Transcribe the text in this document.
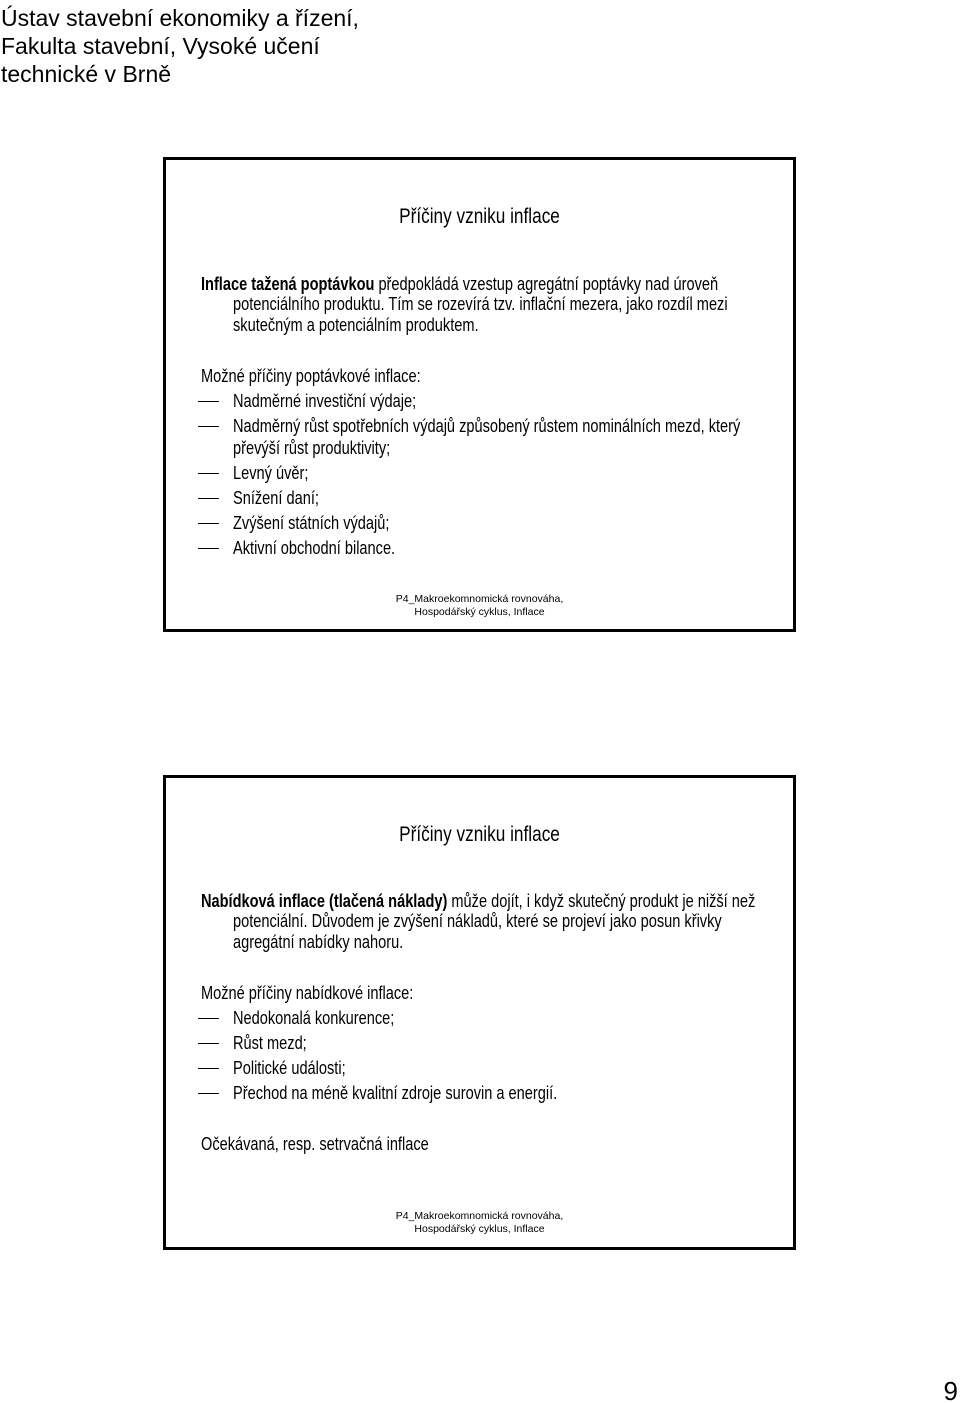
Ústav stavební ekonomiky a řízení,
Fakulta stavební, Vysoké učení
technické v Brně
Příčiny vzniku inflace
Inflace tažená poptávkou předpokládá vzestup agregátní poptávky nad úroveň
potenciálního produktu. Tím se rozevírá tzv. inflační mezera, jako rozdíl mezi
skutečným a potenciálním produktem.
Možné příčiny poptávkové inflace:
Nadměrné investiční výdaje;
Nadměrný růst spotřebních výdajů způsobený růstem nominálních mezd, který
převýší růst produktivity;
Levný úvěr;
Snížení daní;
Zvýšení státních výdajů;
Aktivní obchodní bilance.
P4_Makroekomnomická rovnováha,
Hospodářský cyklus, Inflace
Příčiny vzniku inflace
Nabídková inflace (tlačená náklady) může dojít, i když skutečný produkt je nižší než
potenciální. Důvodem je zvýšení nákladů, které se projeví jako posun křivky
agregátní nabídky nahoru.
Možné příčiny nabídkové inflace:
Nedokonalá konkurence;
Růst mezd;
Politické události;
Přechod na méně kvalitní zdroje surovin a energií.
Očekávaná, resp. setrvačná inflace
P4_Makroekomnomická rovnováha,
Hospodářský cyklus, Inflace
9
